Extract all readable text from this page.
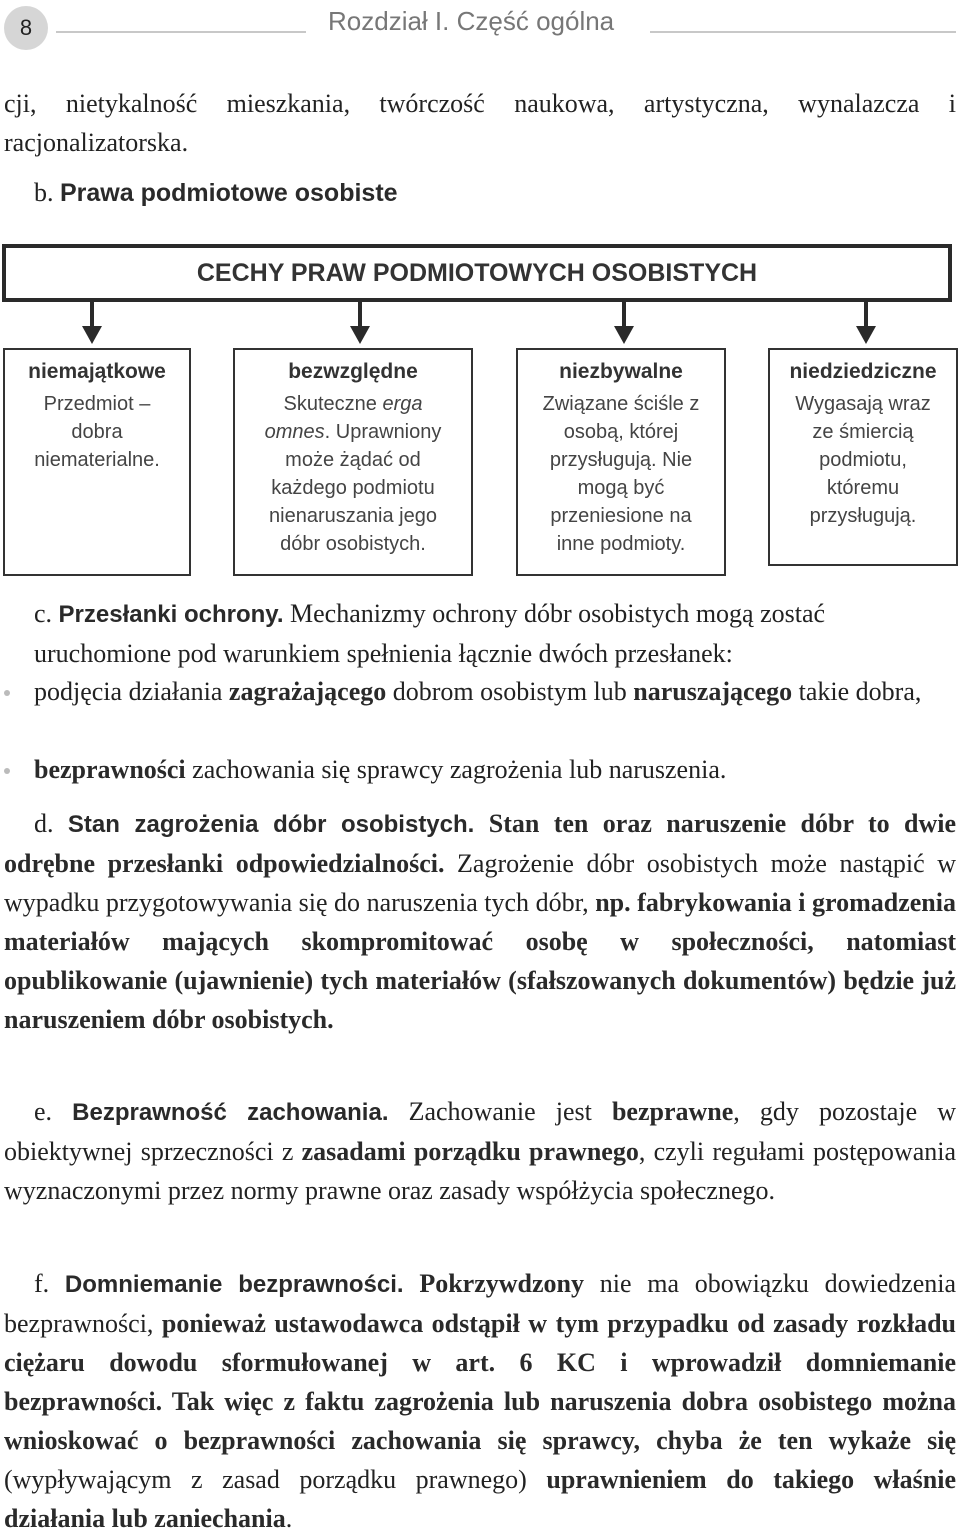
8	Rozdział I. Część ogólna

cji, nietykalność mieszkania, twórczość naukowa, artystyczna, wynalazcza i racjonalizatorska.

b. Prawa podmiotowe osobiste
CECHY PRAW PODMIOTOWYCH OSOBISTYCH
niemajątkowe
Przedmiot – dobra niematerialne.
bezwzględne
Skuteczne erga omnes. Uprawniony może żądać od każdego podmiotu nienaruszania jego dóbr osobistych.
niezbywalne
Związane ściśle z osobą, której przysługują. Nie mogą być przeniesione na inne podmioty.
niedziedziczne
Wygasają wraz ze śmiercią podmiotu, któremu przysługują.

c. Przesłanki ochrony. Mechanizmy ochrony dóbr osobistych mogą zostać uruchomione pod warunkiem spełnienia łącznie dwóch przesłanek:

podjęcia działania zagrażającego dobrom osobistym lub naruszającego takie dobra,

bezprawności zachowania się sprawcy zagrożenia lub naruszenia.

d. Stan zagrożenia dóbr osobistych. Stan ten oraz naruszenie dóbr to dwie odrębne przesłanki odpowiedzialności. Zagrożenie dóbr osobistych może nastąpić w wypadku przygotowywania się do naruszenia tych dóbr, np. fabrykowania i gromadzenia materiałów mających skompromitować osobę w społeczności, natomiast opublikowanie (ujawnienie) tych materiałów (sfałszowanych dokumentów) będzie już naruszeniem dóbr osobistych.

e. Bezprawność zachowania. Zachowanie jest bezprawne, gdy pozostaje w obiektywnej sprzeczności z zasadami porządku prawnego, czyli regułami postępowania wyznaczonymi przez normy prawne oraz zasady współżycia społecznego.

f. Domniemanie bezprawności. Pokrzywdzony nie ma obowiązku dowiedzenia bezprawności, ponieważ ustawodawca odstąpił w tym przypadku od zasady rozkładu ciężaru dowodu sformułowanej w art. 6 KC i wprowadził domniemanie bezprawności. Tak więc z faktu zagrożenia lub naruszenia dobra osobistego można wnioskować o bezprawności zachowania się sprawcy, chyba że ten wykaże się (wypływającym z zasad porządku prawnego) uprawnieniem do takiego właśnie działania lub zaniechania.
